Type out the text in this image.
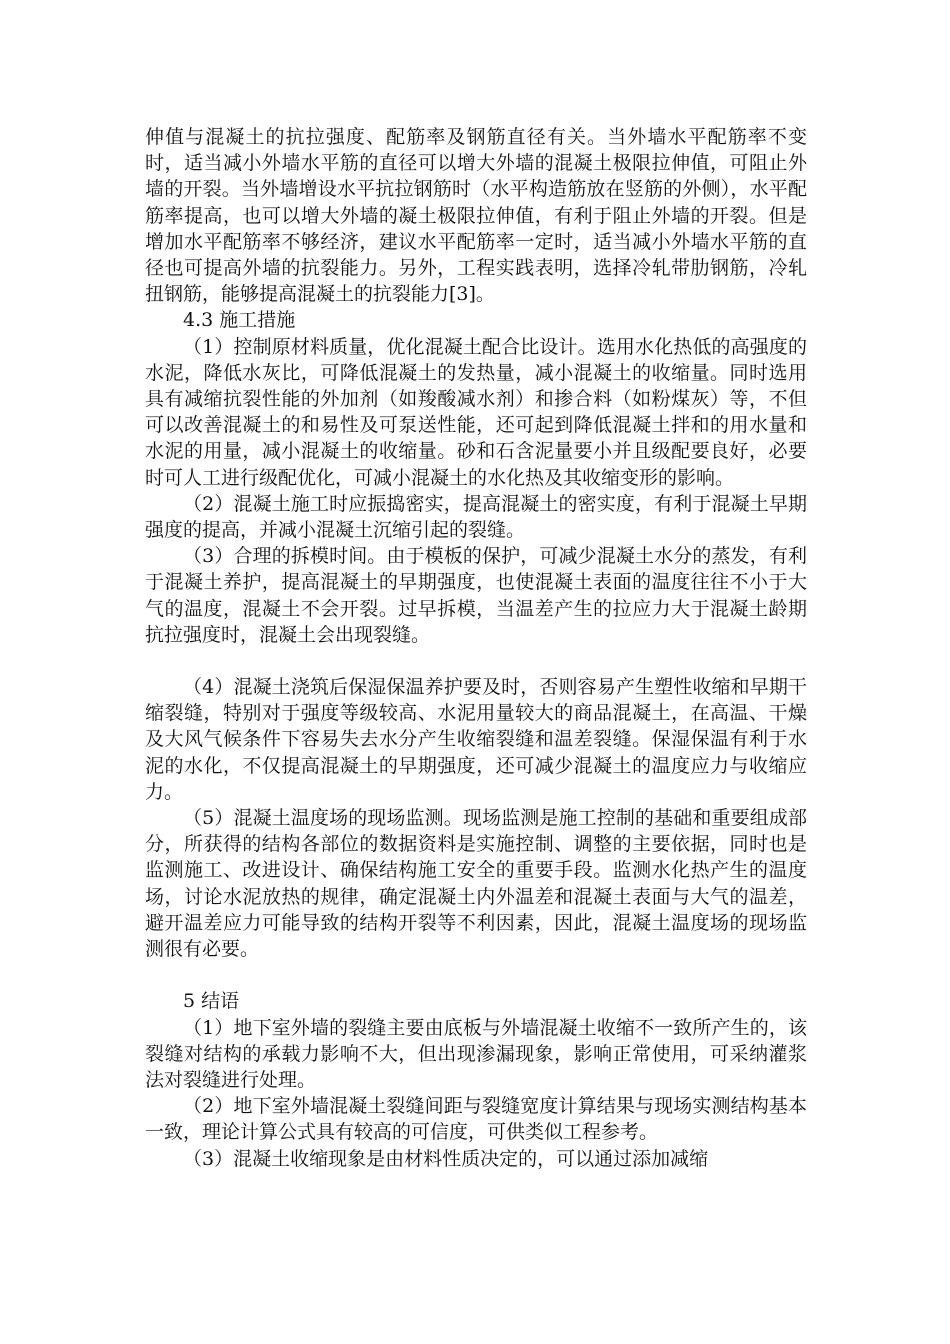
伸值与混凝土的抗拉强度、配筋率及钢筋直径有关。当外墙水平配筋率不变时，适当减小外墙水平筋的直径可以增大外墙的混凝土极限拉伸值，可阻止外墙的开裂。当外墙增设水平抗拉钢筋时（水平构造筋放在竖筋的外侧），水平配筋率提高，也可以增大外墙的凝土极限拉伸值，有利于阻止外墙的开裂。但是增加水平配筋率不够经济，建议水平配筋率一定时，适当减小外墙水平筋的直径也可提高外墙的抗裂能力。另外，工程实践表明，选择冷轧带肋钢筋，冷轧扭钢筋，能够提高混凝土的抗裂能力[3]。

4.3 施工措施

（1）控制原材料质量，优化混凝土配合比设计。选用水化热低的高强度的水泥，降低水灰比，可降低混凝土的发热量，减小混凝土的收缩量。同时选用具有减缩抗裂性能的外加剂（如羧酸减水剂）和掺合料（如粉煤灰）等，不但可以改善混凝土的和易性及可泵送性能，还可起到降低混凝土拌和的用水量和水泥的用量，减小混凝土的收缩量。砂和石含泥量要小并且级配要良好，必要时可人工进行级配优化，可减小混凝土的水化热及其收缩变形的影响。

（2）混凝土施工时应振捣密实，提高混凝土的密实度，有利于混凝土早期强度的提高，并减小混凝土沉缩引起的裂缝。

（3）合理的拆模时间。由于模板的保护，可减少混凝土水分的蒸发，有利于混凝土养护，提高混凝土的早期强度，也使混凝土表面的温度往往不小于大气的温度，混凝土不会开裂。过早拆模，当温差产生的拉应力大于混凝土龄期抗拉强度时，混凝土会出现裂缝。

（4）混凝土浇筑后保湿保温养护要及时，否则容易产生塑性收缩和早期干缩裂缝，特别对于强度等级较高、水泥用量较大的商品混凝土，在高温、干燥及大风气候条件下容易失去水分产生收缩裂缝和温差裂缝。保湿保温有利于水泥的水化，不仅提高混凝土的早期强度，还可减少混凝土的温度应力与收缩应力。

（5）混凝土温度场的现场监测。现场监测是施工控制的基础和重要组成部分，所获得的结构各部位的数据资料是实施控制、调整的主要依据，同时也是监测施工、改进设计、确保结构施工安全的重要手段。监测水化热产生的温度场，讨论水泥放热的规律，确定混凝土内外温差和混凝土表面与大气的温差，避开温差应力可能导致的结构开裂等不利因素，因此，混凝土温度场的现场监测很有必要。

5 结语

（1）地下室外墙的裂缝主要由底板与外墙混凝土收缩不一致所产生的，该裂缝对结构的承载力影响不大，但出现渗漏现象，影响正常使用，可采纳灌浆法对裂缝进行处理。

（2）地下室外墙混凝土裂缝间距与裂缝宽度计算结果与现场实测结构基本一致，理论计算公式具有较高的可信度，可供类似工程参考。

（3）混凝土收缩现象是由材料性质决定的，可以通过添加减缩
